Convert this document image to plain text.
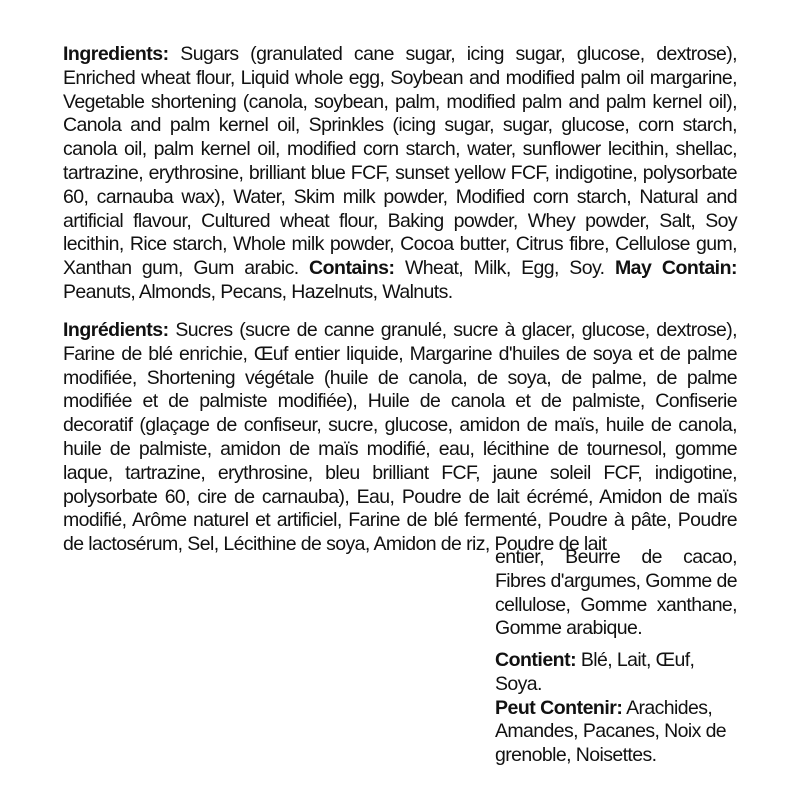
Ingredients: Sugars (granulated cane sugar, icing sugar, glucose, dextrose), Enriched wheat flour, Liquid whole egg, Soybean and modified palm oil margarine, Vegetable shortening (canola, soybean, palm, modified palm and palm kernel oil), Canola and palm kernel oil, Sprinkles (icing sugar, sugar, glucose, corn starch, canola oil, palm kernel oil, modified corn starch, water, sunflower lecithin, shellac, tartrazine, erythrosine, brilliant blue FCF, sunset yellow FCF, indigotine, polysorbate 60, carnauba wax), Water, Skim milk powder, Modified corn starch, Natural and artificial flavour, Cultured wheat flour, Baking powder, Whey powder, Salt, Soy lecithin, Rice starch, Whole milk powder, Cocoa butter, Citrus fibre, Cellulose gum, Xanthan gum, Gum arabic. Contains: Wheat, Milk, Egg, Soy. May Contain: Peanuts, Almonds, Pecans, Hazelnuts, Walnuts.
Ingrédients: Sucres (sucre de canne granulé, sucre à glacer, glucose, dextrose), Farine de blé enrichie, Œuf entier liquide, Margarine d'huiles de soya et de palme modifiée, Shortening végétale (huile de canola, de soya, de palme, de palme modifiée et de palmiste modifiée), Huile de canola et de palmiste, Confiserie decoratif (glaçage de confiseur, sucre, glucose, amidon de maïs, huile de canola, huile de palmiste, amidon de maïs modifié, eau, lécithine de tournesol, gomme laque, tartrazine, erythrosine, bleu brilliant FCF, jaune soleil FCF, indigotine, polysorbate 60, cire de carnauba), Eau, Poudre de lait écrémé, Amidon de maïs modifié, Arôme naturel et artificiel, Farine de blé fermenté, Poudre à pâte, Poudre de lactosérum, Sel, Lécithine de soya, Amidon de riz, Poudre de lait
entier, Beurre de cacao, Fibres d'argumes, Gomme de cellulose, Gomme xanthane, Gomme arabique.
Contient: Blé, Lait, Œuf, Soya.
Peut Contenir: Arachides, Amandes, Pacanes, Noix de grenoble, Noisettes.
